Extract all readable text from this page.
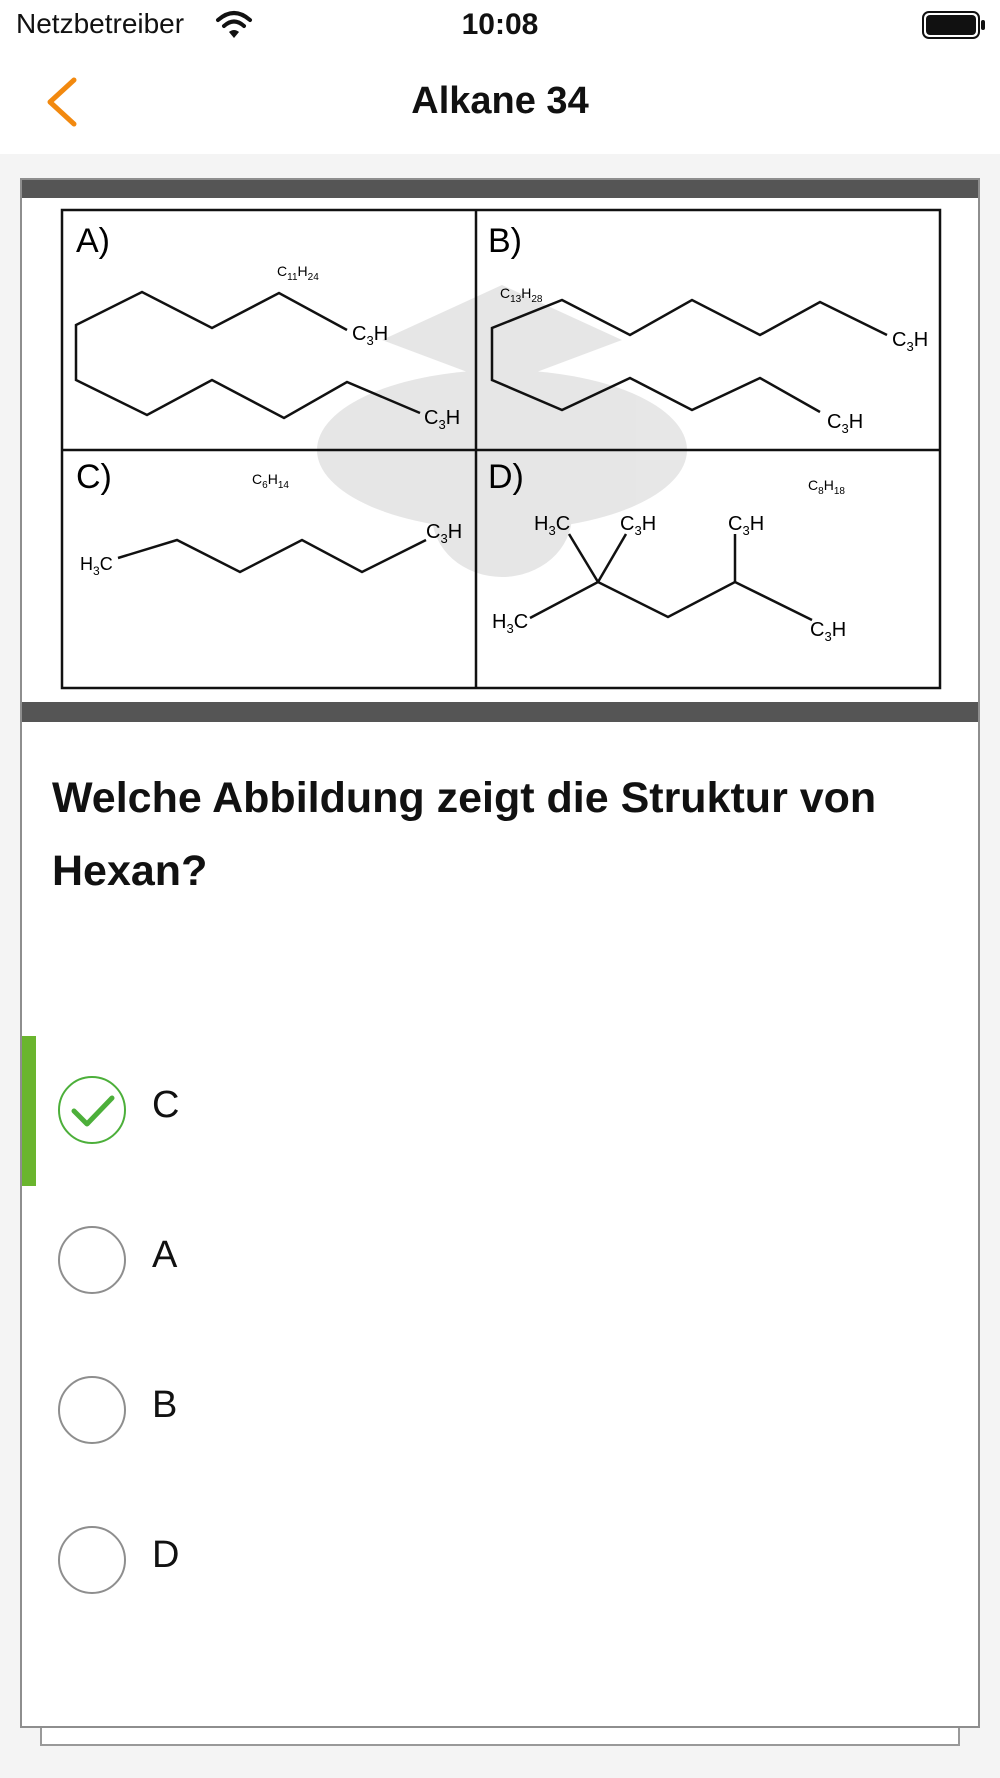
Netzbetreiber	10:08
Alkane 34
A)
$C_{11}H_{24}$
$C_3H$
$C_3H$
B)
$C_{13}H_{28}$
$C_3H$
$C_3H$
C)	$C_6H_{14}$
$H_3C$
$C_3H$
D)	$C_8H_{18}$
$H_3C$ $C_3H$	$C_3H$
$H_3C$	$C_3H$
Welche Abbildung zeigt die Struktur von Hexan?
C
A
B
D
